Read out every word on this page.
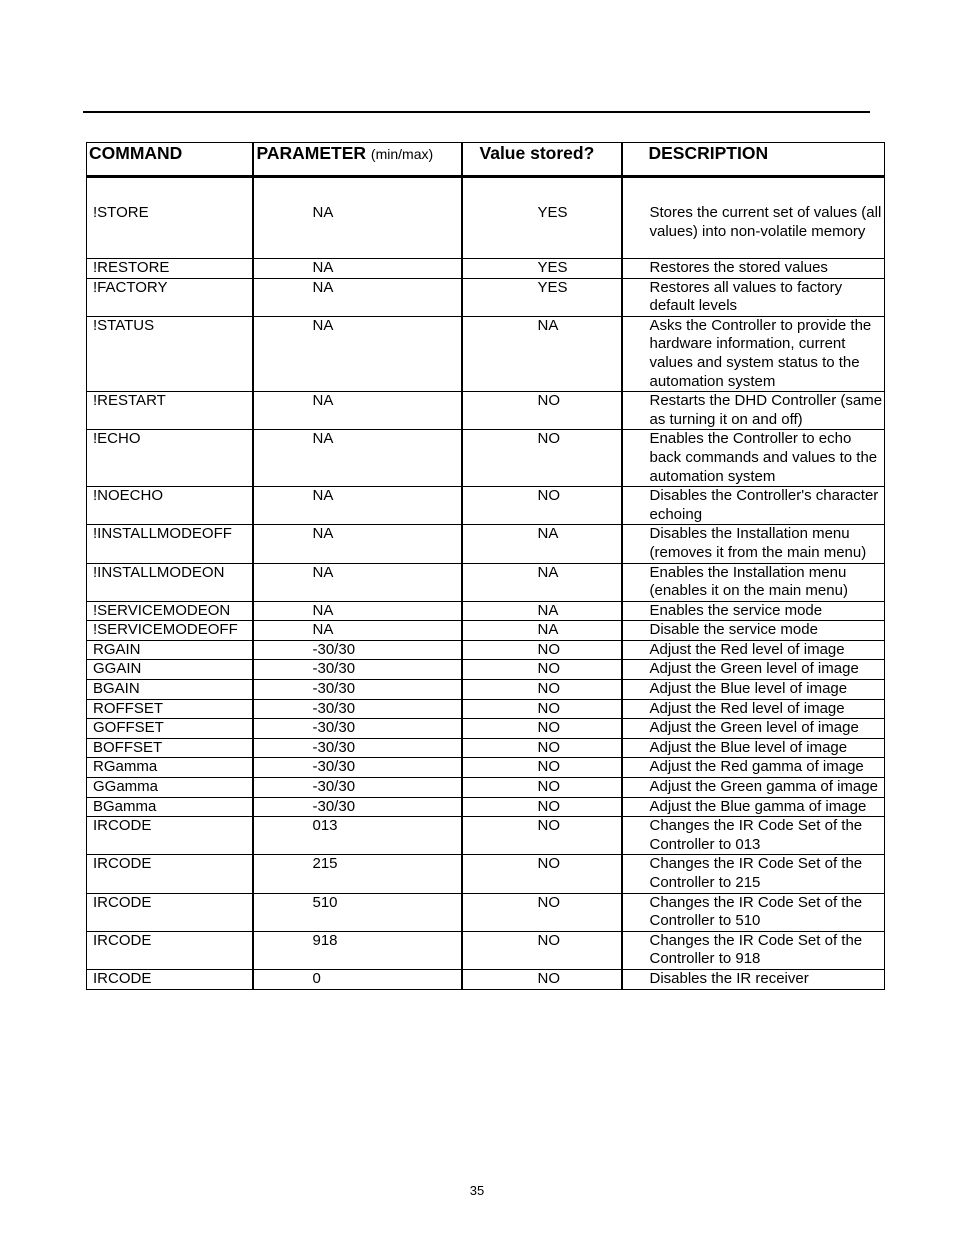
COMMAND	PARAMETER (min/max)	Value stored?	DESCRIPTION
!STORE	NA	YES	Stores the current set of values (all values) into non-volatile memory
!RESTORE	NA	YES	Restores the stored values
!FACTORY	NA	YES	Restores all values to factory default levels
!STATUS	NA	NA	Asks the Controller to provide the hardware information, current values and system status to the automation system
!RESTART	NA	NO	Restarts the DHD Controller (same as turning it on and off)
!ECHO	NA	NO	Enables the Controller to echo back commands and values to the automation system
!NOECHO	NA	NO	Disables the Controller's character echoing
!INSTALLMODEOFF	NA	NA	Disables the Installation menu (removes it from the main menu)
!INSTALLMODEON	NA	NA	Enables the Installation menu (enables it on the main menu)
!SERVICEMODEON	NA	NA	Enables the service mode
!SERVICEMODEOFF	NA	NA	Disable the service mode
RGAIN	-30/30	NO	Adjust the Red level of image
GGAIN	-30/30	NO	Adjust the Green level of image
BGAIN	-30/30	NO	Adjust the Blue level of image
ROFFSET	-30/30	NO	Adjust the Red level of image
GOFFSET	-30/30	NO	Adjust the Green level of image
BOFFSET	-30/30	NO	Adjust the Blue level of image
RGamma	-30/30	NO	Adjust the Red gamma of image
GGamma	-30/30	NO	Adjust the Green gamma of image
BGamma	-30/30	NO	Adjust the Blue gamma of image
IRCODE	013	NO	Changes the IR Code Set of the Controller to 013
IRCODE	215	NO	Changes the IR Code Set of the Controller to 215
IRCODE	510	NO	Changes the IR Code Set of the Controller to 510
IRCODE	918	NO	Changes the IR Code Set of the Controller to 918
IRCODE	0	NO	Disables the IR receiver
35
